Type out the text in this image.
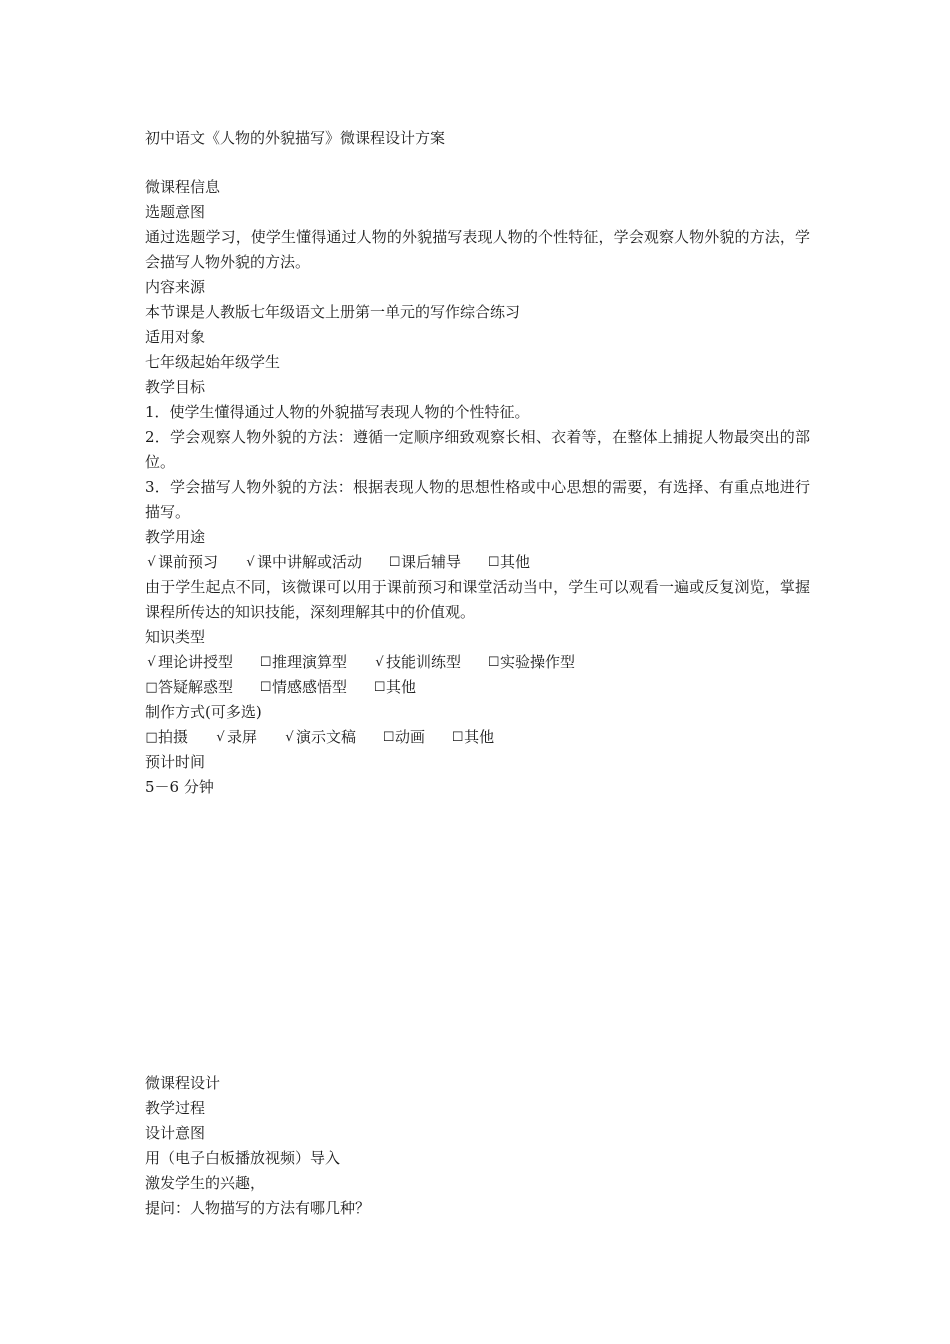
初中语文《人物的外貌描写》微课程设计方案
微课程信息
选题意图
通过选题学习，使学生懂得通过人物的外貌描写表现人物的个性特征，学会观察人物外貌的方法，学会描写人物外貌的方法。
内容来源
本节课是人教版七年级语文上册第一单元的写作综合练习
适用对象
七年级起始年级学生
教学目标
1．使学生懂得通过人物的外貌描写表现人物的个性特征。
2．学会观察人物外貌的方法：遵循一定顺序细致观察长相、衣着等，在整体上捕捉人物最突出的部位。
3．学会描写人物外貌的方法：根据表现人物的思想性格或中心思想的需要，有选择、有重点地进行描写。
教学用途
√ 课前预习 √ 课中讲解或活动 ☐ 课后辅导 ☐ 其他
由于学生起点不同，该微课可以用于课前预习和课堂活动当中，学生可以观看一遍或反复浏览，掌握课程所传达的知识技能，深刻理解其中的价值观。
知识类型
√ 理论讲授型 ☐ 推理演算型 √ 技能训练型 ☐ 实验操作型
□ 答疑解惑型 ☐ 情感感悟型 ☐ 其他
制作方式(可多选)
□ 拍摄 √ 录屏 √ 演示文稿 ☐ 动画 ☐ 其他
预计时间
5－6 分钟
微课程设计
教学过程
设计意图
用（电子白板播放视频）导入
激发学生的兴趣，
提问：人物描写的方法有哪几种？
